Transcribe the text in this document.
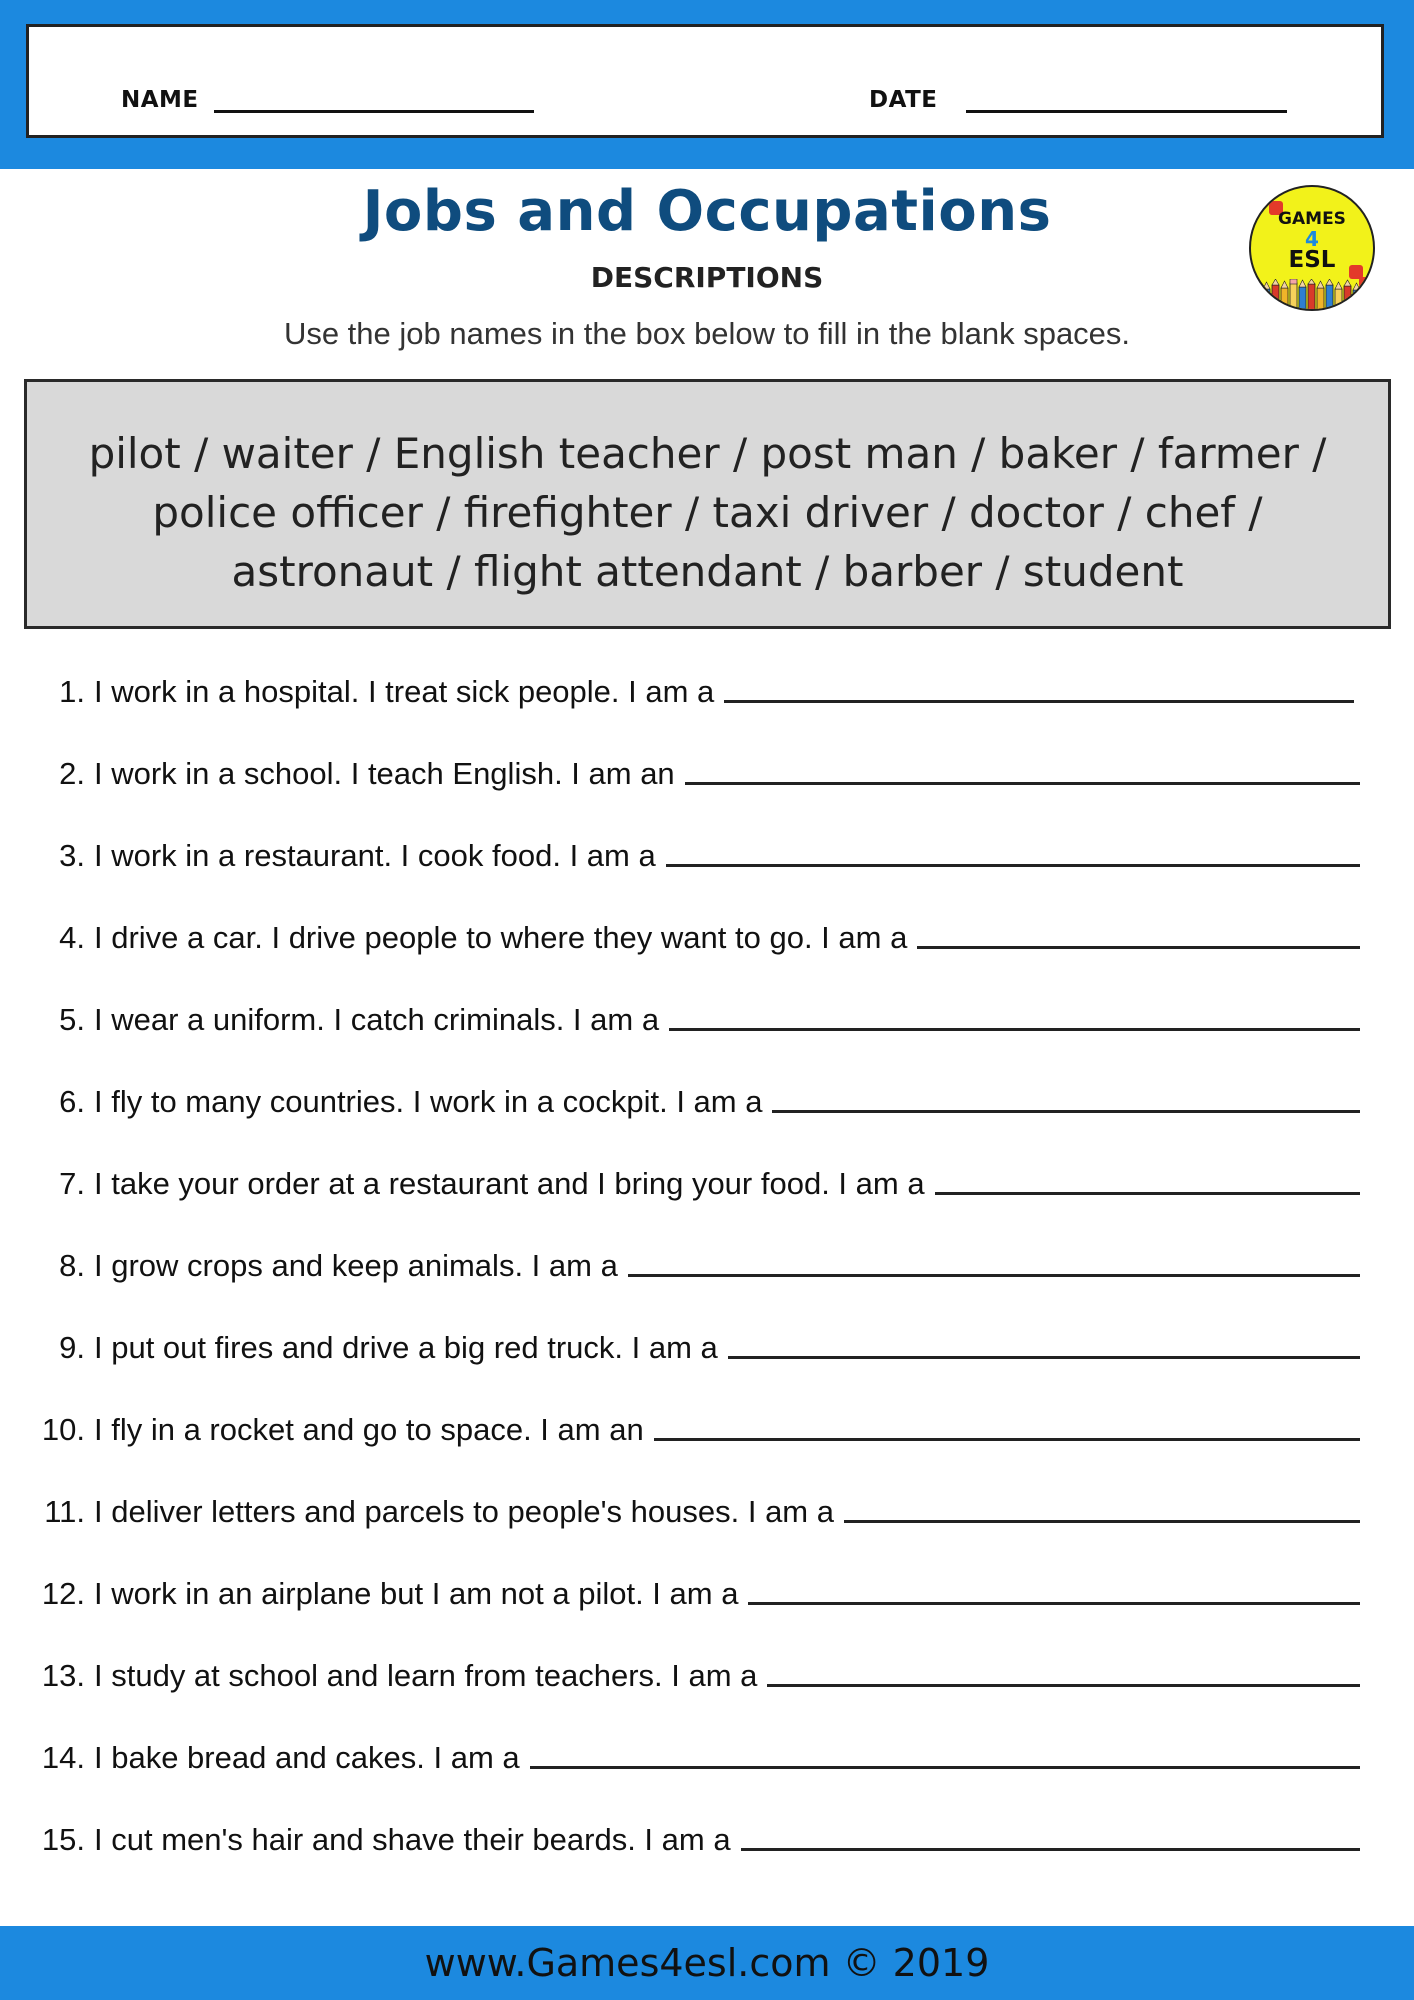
NAME	DATE
Jobs and Occupations
DESCRIPTIONS
Use the job names in the box below to fill in the blank spaces.
GAMES
4
ESL
pilot / waiter / English teacher / post man / baker / farmer /
police officer / firefighter / taxi driver / doctor / chef /
astronaut / flight attendant / barber / student
1. I work in a hospital. I treat sick people. I am a
2. I work in a school. I teach English. I am an
3. I work in a restaurant. I cook food. I am a
4. I drive a car. I drive people to where they want to go. I am a
5. I wear a uniform. I catch criminals. I am a
6. I fly to many countries. I work in a cockpit. I am a
7. I take your order at a restaurant and I bring your food. I am a
8. I grow crops and keep animals. I am a
9. I put out fires and drive a big red truck. I am a
10. I fly in a rocket and go to space. I am an
11. I deliver letters and parcels to people's houses. I am a
12. I work in an airplane but I am not a pilot. I am a
13. I study at school and learn from teachers. I am a
14. I bake bread and cakes. I am a
15. I cut men's hair and shave their beards. I am a
www.Games4esl.com © 2019
